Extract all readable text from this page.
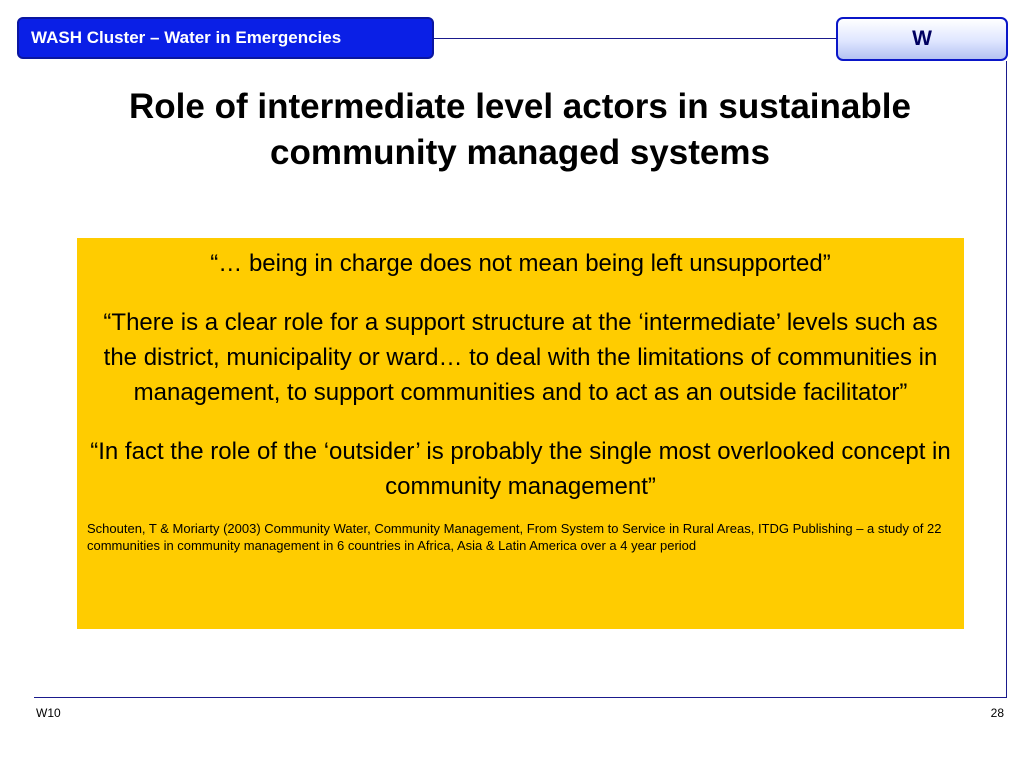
WASH Cluster – Water in Emergencies	W
Role of intermediate level actors in sustainable community managed systems

“… being in charge does not mean being left unsupported”

“There is a clear role for a support structure at the ‘intermediate’ levels such as the district, municipality or ward… to deal with the limitations of communities in management, to support communities and to act as an outside facilitator”

“In fact the role of the ‘outsider’ is probably the single most overlooked concept in community management”

Schouten, T & Moriarty (2003) Community Water, Community Management, From System to Service in Rural Areas, ITDG Publishing – a study of 22 communities in community management in 6 countries in Africa, Asia & Latin America over a 4 year period

W10	28
